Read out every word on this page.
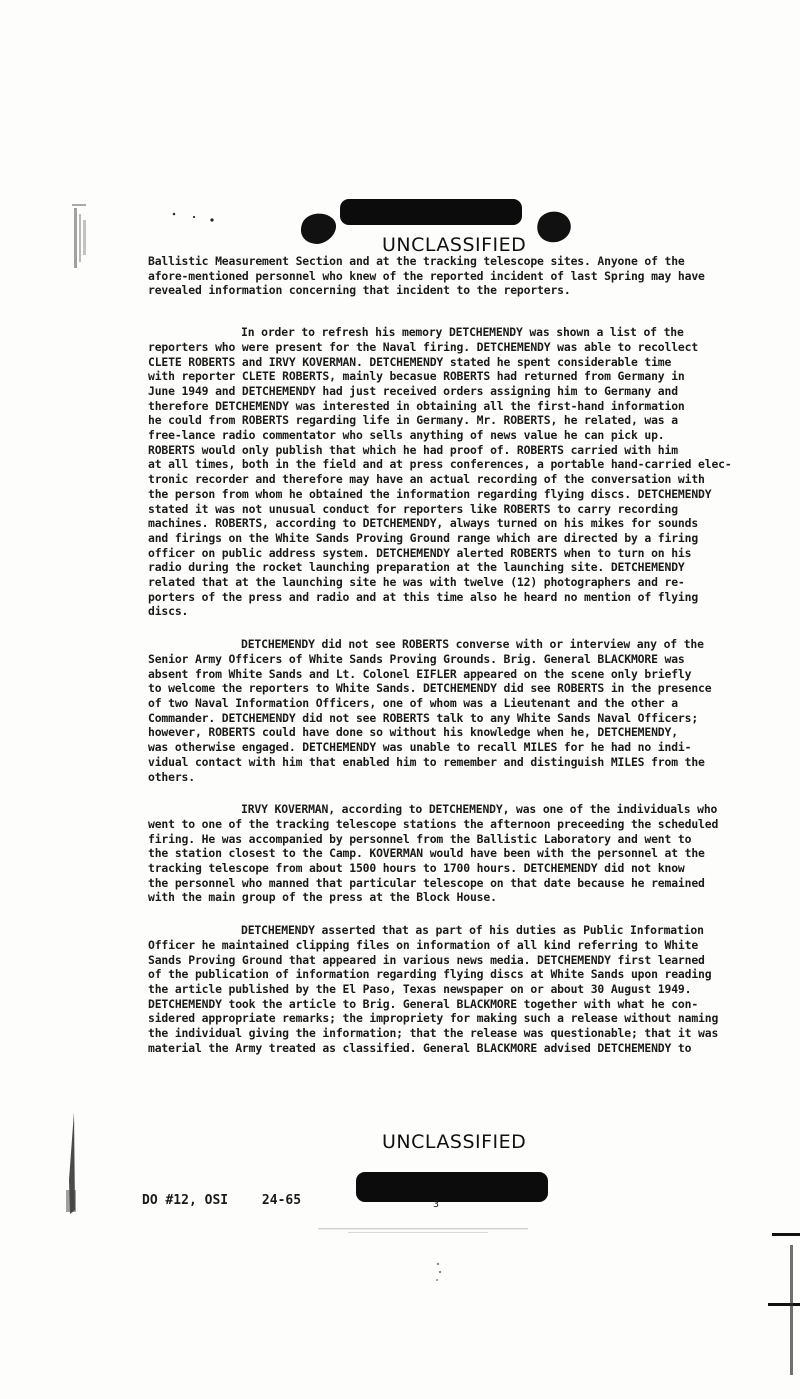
UNCLASSIFIED

Ballistic Measurement Section and at the tracking telescope sites. Anyone of the
afore-mentioned personnel who knew of the reported incident of last Spring may have
revealed information concerning that incident to the reporters.

In order to refresh his memory DETCHEMENDY was shown a list of the
reporters who were present for the Naval firing. DETCHEMENDY was able to recollect
CLETE ROBERTS and IRVY KOVERMAN. DETCHEMENDY stated he spent considerable time
with reporter CLETE ROBERTS, mainly becasue ROBERTS had returned from Germany in
June 1949 and DETCHEMENDY had just received orders assigning him to Germany and
therefore DETCHEMENDY was interested in obtaining all the first-hand information
he could from ROBERTS regarding life in Germany. Mr. ROBERTS, he related, was a
free-lance radio commentator who sells anything of news value he can pick up.
ROBERTS would only publish that which he had proof of. ROBERTS carried with him
at all times, both in the field and at press conferences, a portable hand-carried elec-
tronic recorder and therefore may have an actual recording of the conversation with
the person from whom he obtained the information regarding flying discs. DETCHEMENDY
stated it was not unusual conduct for reporters like ROBERTS to carry recording
machines. ROBERTS, according to DETCHEMENDY, always turned on his mikes for sounds
and firings on the White Sands Proving Ground range which are directed by a firing
officer on public address system. DETCHEMENDY alerted ROBERTS when to turn on his
radio during the rocket launching preparation at the launching site. DETCHEMENDY
related that at the launching site he was with twelve (12) photographers and re-
porters of the press and radio and at this time also he heard no mention of flying
discs.

DETCHEMENDY did not see ROBERTS converse with or interview any of the
Senior Army Officers of White Sands Proving Grounds. Brig. General BLACKMORE was
absent from White Sands and Lt. Colonel EIFLER appeared on the scene only briefly
to welcome the reporters to White Sands. DETCHEMENDY did see ROBERTS in the presence
of two Naval Information Officers, one of whom was a Lieutenant and the other a
Commander. DETCHEMENDY did not see ROBERTS talk to any White Sands Naval Officers;
however, ROBERTS could have done so without his knowledge when he, DETCHEMENDY,
was otherwise engaged. DETCHEMENDY was unable to recall MILES for he had no indi-
vidual contact with him that enabled him to remember and distinguish MILES from the
others.

IRVY KOVERMAN, according to DETCHEMENDY, was one of the individuals who
went to one of the tracking telescope stations the afternoon preceeding the scheduled
firing. He was accompanied by personnel from the Ballistic Laboratory and went to
the station closest to the Camp. KOVERMAN would have been with the personnel at the
tracking telescope from about 1500 hours to 1700 hours. DETCHEMENDY did not know
the personnel who manned that particular telescope on that date because he remained
with the main group of the press at the Block House.

DETCHEMENDY asserted that as part of his duties as Public Information
Officer he maintained clipping files on information of all kind referring to White
Sands Proving Ground that appeared in various news media. DETCHEMENDY first learned
of the publication of information regarding flying discs at White Sands upon reading
the article published by the El Paso, Texas newspaper on or about 30 August 1949.
DETCHEMENDY took the article to Brig. General BLACKMORE together with what he con-
sidered appropriate remarks; the impropriety for making such a release without naming
the individual giving the information; that the release was questionable; that it was
material the Army treated as classified. General BLACKMORE advised DETCHEMENDY to

UNCLASSIFIED
DO #12, OSI	24-65	3
